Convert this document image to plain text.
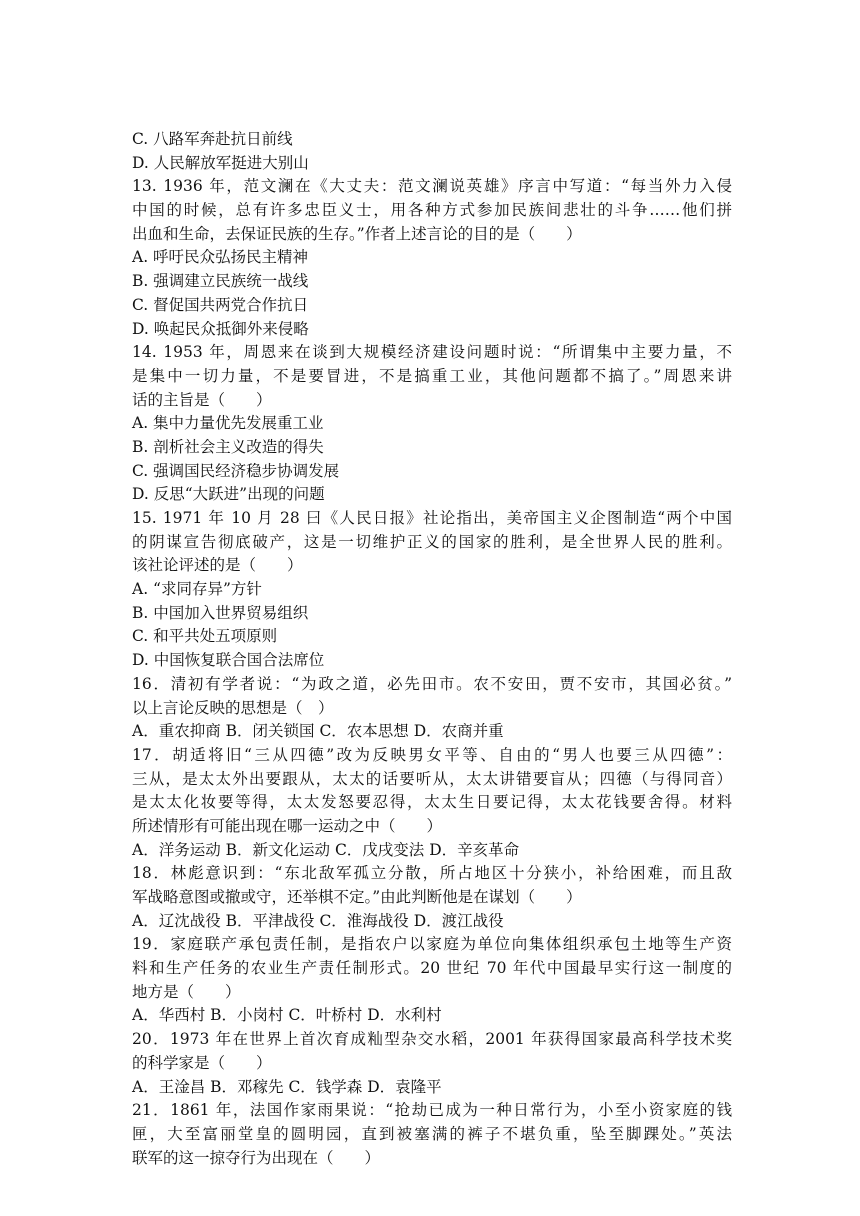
C. 八路军奔赴抗日前线
D. 人民解放军挺进大别山
13. 1936 年，范文澜在《大丈夫：范文澜说英雄》序言中写道：“每当外力入侵
中国的时候，总有许多忠臣义士，用各种方式参加民族间悲壮的斗争……他们拼
出血和生命，去保证民族的生存。”作者上述言论的目的是（　　）
A. 呼吁民众弘扬民主精神
B. 强调建立民族统一战线
C. 督促国共两党合作抗日
D. 唤起民众抵御外来侵略
14. 1953 年，周恩来在谈到大规模经济建设问题时说：“所谓集中主要力量，不
是集中一切力量，不是要冒进，不是搞重工业，其他问题都不搞了。”周恩来讲
话的主旨是（　　）
A. 集中力量优先发展重工业
B. 剖析社会主义改造的得失
C. 强调国民经济稳步协调发展
D. 反思“大跃进”出现的问题
15. 1971 年 10 月 28 曰《人民日报》社论指出，美帝国主义企图制造“两个中国
的阴谋宣告彻底破产，这是一切维护正义的国家的胜利，是全世界人民的胜利。
该社论评述的是（　　）
A. “求同存异”方针
B. 中国加入世界贸易组织
C. 和平共处五项原则
D. 中国恢复联合国合法席位
16．清初有学者说：“为政之道，必先田市。农不安田，贾不安市，其国必贫。”
以上言论反映的思想是（　）
A．重农抑商 B．闭关锁国 C．农本思想 D．农商并重
17．胡适将旧“三从四德”改为反映男女平等、自由的“男人也要三从四德”：
三从，是太太外出要跟从，太太的话要听从，太太讲错要盲从；四德（与得同音）
是太太化妆要等得，太太发怒要忍得，太太生日要记得，太太花钱要舍得。材料
所述情形有可能出现在哪一运动之中（　　）
A．洋务运动 B．新文化运动 C．戊戌变法 D．辛亥革命
18．林彪意识到：“东北敌军孤立分散，所占地区十分狭小，补给困难，而且敌
军战略意图或撤或守，还举棋不定。”由此判断他是在谋划（　　）
A．辽沈战役 B．平津战役 C．淮海战役 D．渡江战役
19．家庭联产承包责任制，是指农户以家庭为单位向集体组织承包土地等生产资
料和生产任务的农业生产责任制形式。20 世纪 70 年代中国最早实行这一制度的
地方是（　　）
A．华西村 B．小岗村 C．叶桥村 D．水利村
20．1973 年在世界上首次育成籼型杂交水稻，2001 年获得国家最高科学技术奖
的科学家是（　　）
A．王淦昌 B．邓稼先 C．钱学森 D．袁隆平
21．1861 年，法国作家雨果说：“抢劫已成为一种日常行为，小至小资家庭的钱
匣，大至富丽堂皇的圆明园，直到被塞满的裤子不堪负重，坠至脚踝处。”英法
联军的这一掠夺行为出现在（　　）
